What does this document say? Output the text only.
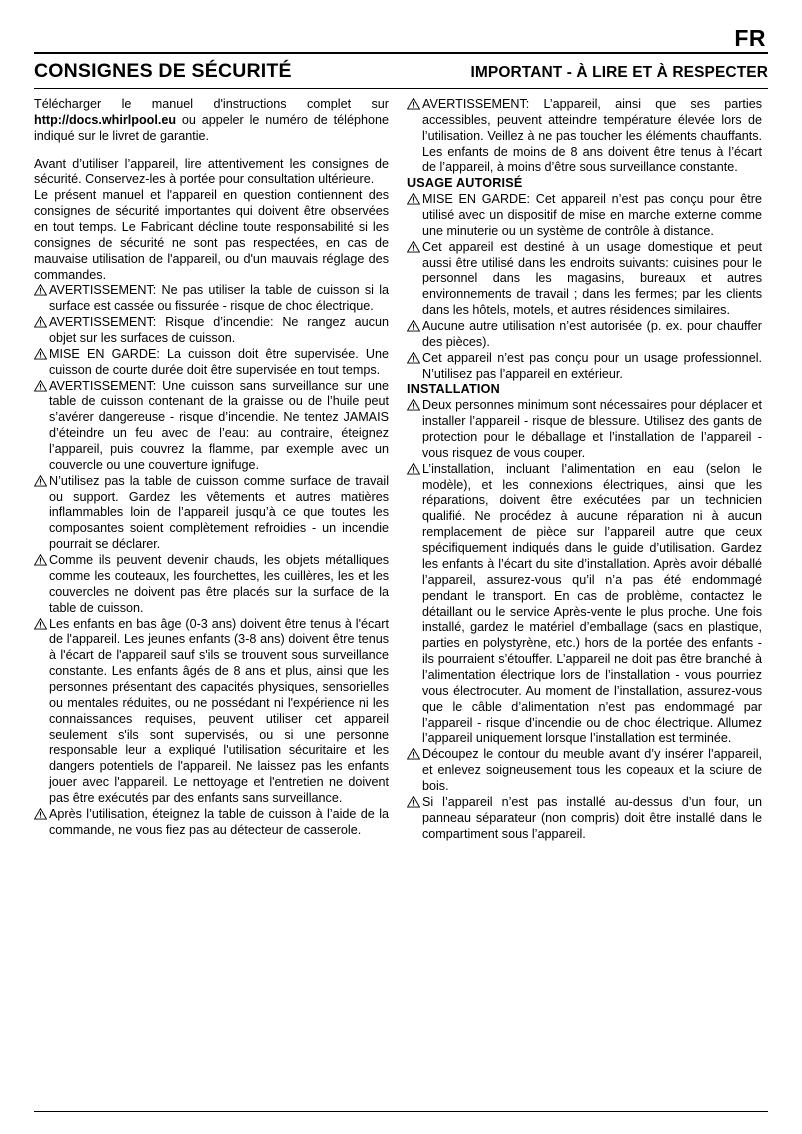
FR
CONSIGNES DE SÉCURITÉ	IMPORTANT - À LIRE ET À RESPECTER

Télécharger le manuel d'instructions complet sur http://docs.whirlpool.eu ou appeler le numéro de téléphone indiqué sur le livret de garantie.

Avant d’utiliser l’appareil, lire attentivement les consignes de sécurité. Conservez-les à portée pour consultation ultérieure.

Le présent manuel et l'appareil en question contiennent des consignes de sécurité importantes qui doivent être observées en tout temps. Le Fabricant décline toute responsabilité si les consignes de sécurité ne sont pas respectées, en cas de mauvaise utilisation de l'appareil, ou d'un mauvais réglage des commandes.

AVERTISSEMENT: Ne pas utiliser la table de cuisson si la surface est cassée ou fissurée - risque de choc électrique.

AVERTISSEMENT: Risque d’incendie: Ne rangez aucun objet sur les surfaces de cuisson.

MISE EN GARDE: La cuisson doit être supervisée. Une cuisson de courte durée doit être supervisée en tout temps.

AVERTISSEMENT: Une cuisson sans surveillance sur une table de cuisson contenant de la graisse ou de l’huile peut s’avérer dangereuse - risque d’incendie. Ne tentez JAMAIS d’éteindre un feu avec de l’eau: au contraire, éteignez l’appareil, puis couvrez la flamme, par exemple avec un couvercle ou une couverture ignifuge.

N’utilisez pas la table de cuisson comme surface de travail ou support. Gardez les vêtements et autres matières inflammables loin de l’appareil jusqu’à ce que toutes les composantes soient complètement refroidies - un incendie pourrait se déclarer.

Comme ils peuvent devenir chauds, les objets métalliques comme les couteaux, les fourchettes, les cuillères, les et les couvercles ne doivent pas être placés sur la surface de la table de cuisson.

Les enfants en bas âge (0-3 ans) doivent être tenus à l'écart de l'appareil. Les jeunes enfants (3-8 ans) doivent être tenus à l'écart de l'appareil sauf s'ils se trouvent sous surveillance constante. Les enfants âgés de 8 ans et plus, ainsi que les personnes présentant des capacités physiques, sensorielles ou mentales réduites, ou ne possédant ni l'expérience ni les connaissances requises, peuvent utiliser cet appareil seulement s'ils sont supervisés, ou si une personne responsable leur a expliqué l'utilisation sécuritaire et les dangers potentiels de l'appareil. Ne laissez pas les enfants jouer avec l'appareil. Le nettoyage et l'entretien ne doivent pas être exécutés par des enfants sans surveillance.

Après l’utilisation, éteignez la table de cuisson à l’aide de la commande, ne vous fiez pas au détecteur de casserole.

AVERTISSEMENT: L’appareil, ainsi que ses parties accessibles, peuvent atteindre température élevée lors de l’utilisation. Veillez à ne pas toucher les éléments chauffants. Les enfants de moins de 8 ans doivent être tenus à l’écart de l’appareil, à moins d’être sous surveillance constante.

USAGE AUTORISÉ

MISE EN GARDE: Cet appareil n’est pas conçu pour être utilisé avec un dispositif de mise en marche externe comme une minuterie ou un système de contrôle à distance.

Cet appareil est destiné à un usage domestique et peut aussi être utilisé dans les endroits suivants: cuisines pour le personnel dans les magasins, bureaux et autres environnements de travail ; dans les fermes; par les clients dans les hôtels, motels, et autres résidences similaires.

Aucune autre utilisation n’est autorisée (p. ex. pour chauffer des pièces).

Cet appareil n’est pas conçu pour un usage professionnel. N’utilisez pas l’appareil en extérieur.

INSTALLATION

Deux personnes minimum sont nécessaires pour déplacer et installer l’appareil - risque de blessure. Utilisez des gants de protection pour le déballage et l’installation de l’appareil - vous risquez de vous couper.

L’installation, incluant l’alimentation en eau (selon le modèle), et les connexions électriques, ainsi que les réparations, doivent être exécutées par un technicien qualifié. Ne procédez à aucune réparation ni à aucun remplacement de pièce sur l’appareil autre que ceux spécifiquement indiqués dans le guide d’utilisation. Gardez les enfants à l’écart du site d’installation. Après avoir déballé l’appareil, assurez-vous qu’il n’a pas été endommagé pendant le transport. En cas de problème, contactez le détaillant ou le service Après-vente le plus proche. Une fois installé, gardez le matériel d’emballage (sacs en plastique, parties en polystyrène, etc.) hors de la portée des enfants - ils pourraient s’étouffer. L’appareil ne doit pas être branché à l’alimentation électrique lors de l’installation - vous pourriez vous électrocuter. Au moment de l’installation, assurez-vous que le câble d’alimentation n’est pas endommagé par l’appareil - risque d’incendie ou de choc électrique. Allumez l’appareil uniquement lorsque l’installation est terminée.

Découpez le contour du meuble avant d’y insérer l’appareil, et enlevez soigneusement tous les copeaux et la sciure de bois.

Si l’appareil n’est pas installé au-dessus d’un four, un panneau séparateur (non compris) doit être installé dans le compartiment sous l’appareil.
